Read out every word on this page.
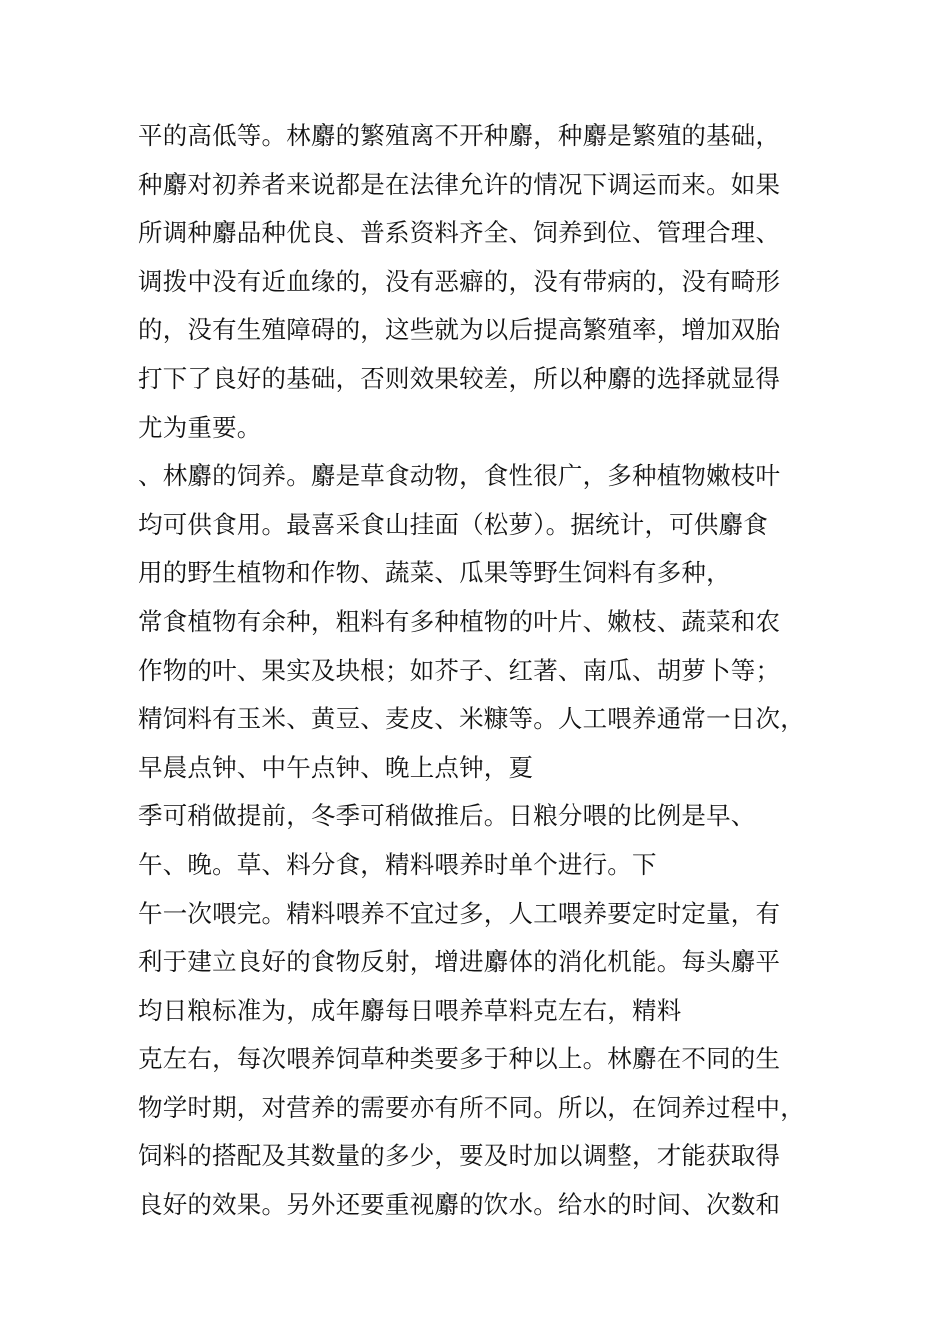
平的高低等。林麝的繁殖离不开种麝，种麝是繁殖的基础，
种麝对初养者来说都是在法律允许的情况下调运而来。如果
所调种麝品种优良、普系资料齐全、饲养到位、管理合理、
调拨中没有近血缘的，没有恶癖的，没有带病的，没有畸形
的，没有生殖障碍的，这些就为以后提高繁殖率，增加双胎
打下了良好的基础，否则效果较差，所以种麝的选择就显得
尤为重要。
、林麝的饲养。麝是草食动物，食性很广，多种植物嫩枝叶
均可供食用。最喜采食山挂面（松萝）。据统计，可供麝食
用的野生植物和作物、蔬菜、瓜果等野生饲料有多种，
常食植物有余种，粗料有多种植物的叶片、嫩枝、蔬菜和农
作物的叶、果实及块根；如芥子、红著、南瓜、胡萝卜等；
精饲料有玉米、黄豆、麦皮、米糠等。人工喂养通常一日次，
早晨点钟、中午点钟、晚上点钟，夏
季可稍做提前，冬季可稍做推后。日粮分喂的比例是早、
午、晚。草、料分食，精料喂养时单个进行。下
午一次喂完。精料喂养不宜过多，人工喂养要定时定量，有
利于建立良好的食物反射，增进麝体的消化机能。每头麝平
均日粮标准为，成年麝每日喂养草料克左右，精料
克左右，每次喂养饲草种类要多于种以上。林麝在不同的生
物学时期，对营养的需要亦有所不同。所以，在饲养过程中，
饲料的搭配及其数量的多少，要及时加以调整，才能获取得
良好的效果。另外还要重视麝的饮水。给水的时间、次数和
